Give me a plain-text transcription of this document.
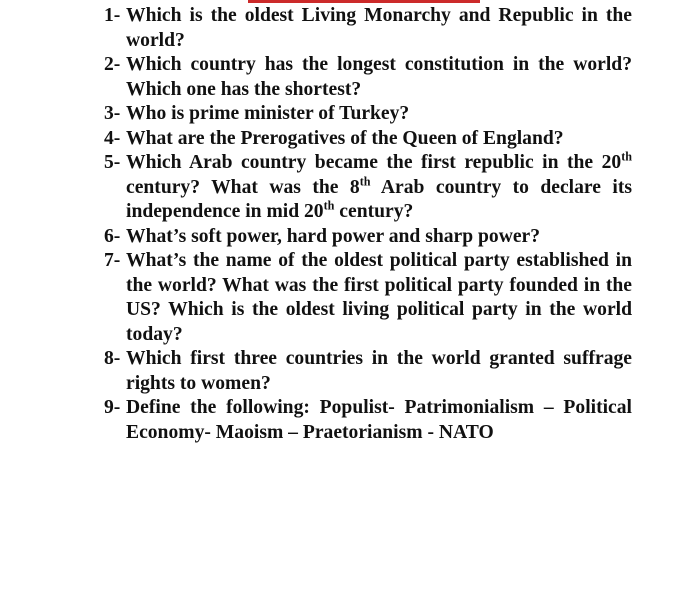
1- Which is the oldest Living Monarchy and Republic in the world?
2- Which country has the longest constitution in the world? Which one has the shortest?
3- Who is prime minister of Turkey?
4- What are the Prerogatives of the Queen of England?
5- Which Arab country became the first republic in the 20th century? What was the 8th Arab country to declare its independence in mid 20th century?
6- What’s soft power, hard power and sharp power?
7- What’s the name of the oldest political party established in the world? What was the first political party founded in the US? Which is the oldest living political party in the world today?
8- Which first three countries in the world granted suffrage rights to women?
9- Define the following: Populist- Patrimonialism – Political Economy- Maoism – Praetorianism - NATO
